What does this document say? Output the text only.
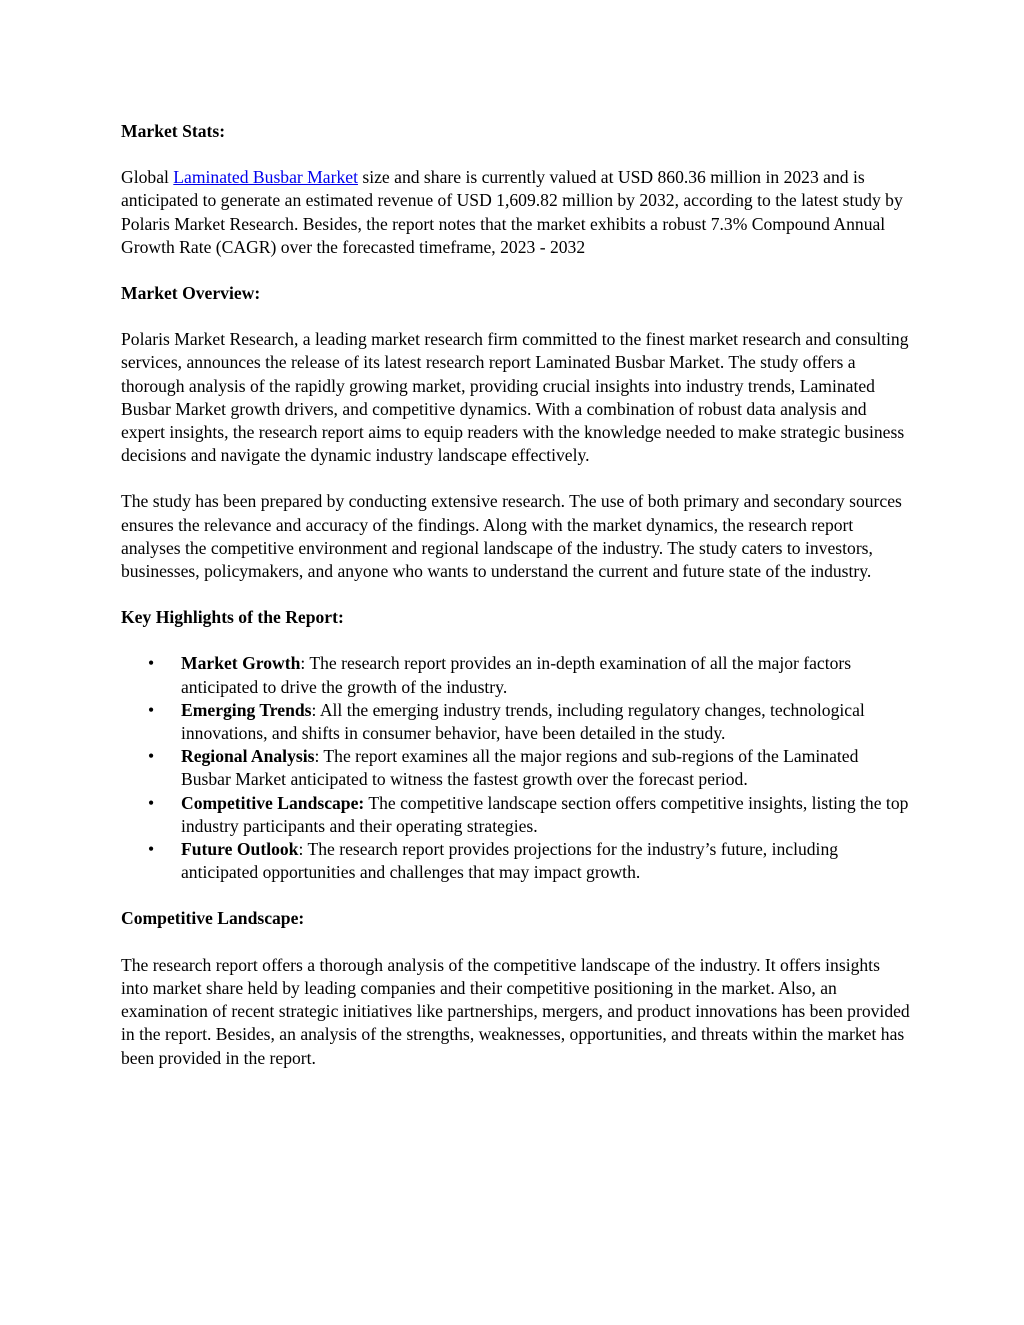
Market Stats:

Global Laminated Busbar Market size and share is currently valued at USD 860.36 million in 2023 and is anticipated to generate an estimated revenue of USD 1,609.82 million by 2032, according to the latest study by Polaris Market Research. Besides, the report notes that the market exhibits a robust 7.3% Compound Annual Growth Rate (CAGR) over the forecasted timeframe, 2023 - 2032

Market Overview:

Polaris Market Research, a leading market research firm committed to the finest market research and consulting services, announces the release of its latest research report Laminated Busbar Market. The study offers a thorough analysis of the rapidly growing market, providing crucial insights into industry trends, Laminated Busbar Market growth drivers, and competitive dynamics. With a combination of robust data analysis and expert insights, the research report aims to equip readers with the knowledge needed to make strategic business decisions and navigate the dynamic industry landscape effectively.

The study has been prepared by conducting extensive research. The use of both primary and secondary sources ensures the relevance and accuracy of the findings. Along with the market dynamics, the research report analyses the competitive environment and regional landscape of the industry. The study caters to investors, businesses, policymakers, and anyone who wants to understand the current and future state of the industry.

Key Highlights of the Report:
• Market Growth: The research report provides an in-depth examination of all the major factors anticipated to drive the growth of the industry.
• Emerging Trends: All the emerging industry trends, including regulatory changes, technological innovations, and shifts in consumer behavior, have been detailed in the study.
• Regional Analysis: The report examines all the major regions and sub-regions of the Laminated Busbar Market anticipated to witness the fastest growth over the forecast period.
• Competitive Landscape: The competitive landscape section offers competitive insights, listing the top industry participants and their operating strategies.
• Future Outlook: The research report provides projections for the industry’s future, including anticipated opportunities and challenges that may impact growth.
Competitive Landscape:

The research report offers a thorough analysis of the competitive landscape of the industry. It offers insights into market share held by leading companies and their competitive positioning in the market. Also, an examination of recent strategic initiatives like partnerships, mergers, and product innovations has been provided in the report. Besides, an analysis of the strengths, weaknesses, opportunities, and threats within the market has been provided in the report.
